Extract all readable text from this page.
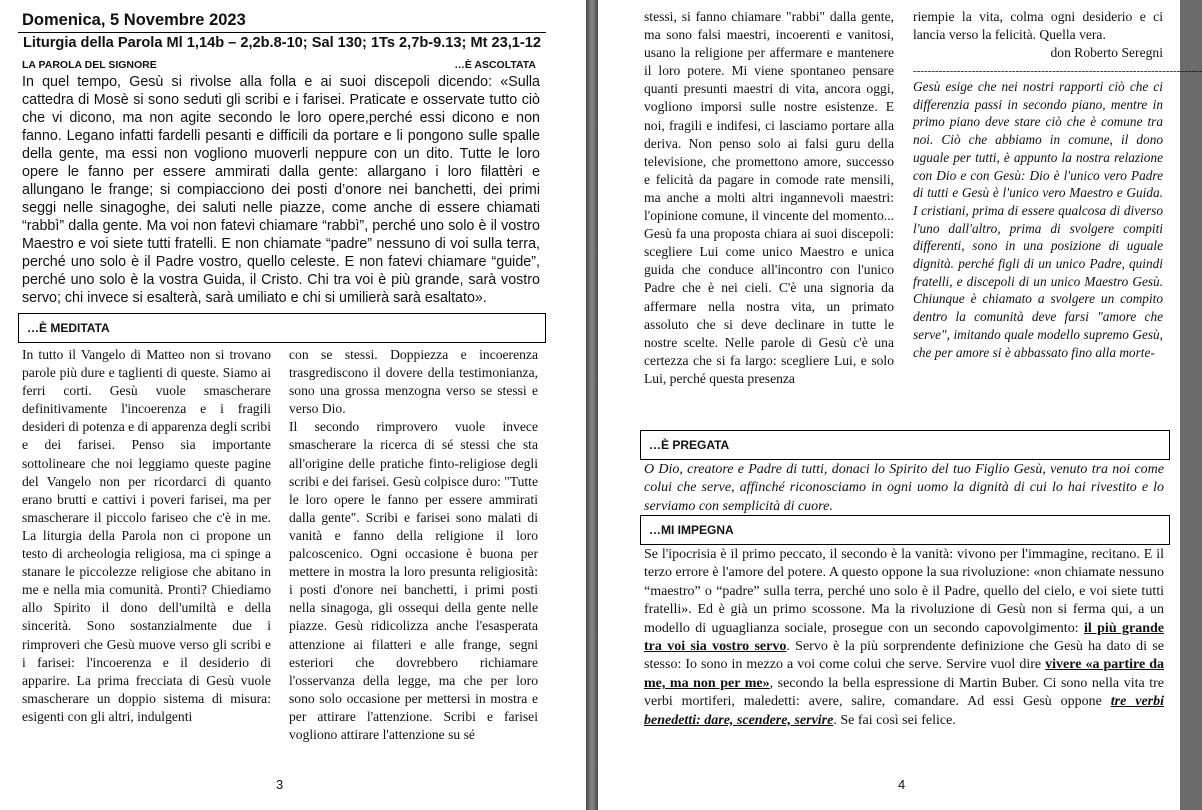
Domenica, 5 Novembre 2023
Liturgia della Parola Ml 1,14b – 2,2b.8-10; Sal 130; 1Ts 2,7b-9.13; Mt 23,1-12
LA PAROLA DEL SIGNORE	…È ASCOLTATA
In quel tempo, Gesù si rivolse alla folla e ai suoi discepoli dicendo: «Sulla cattedra di Mosè si sono seduti gli scribi e i farisei. Praticate e osservate tutto ciò che vi dicono, ma non agite secondo le loro opere,perché essi dicono e non fanno. Legano infatti fardelli pesanti e difficili da portare e li pongono sulle spalle della gente, ma essi non vogliono muoverli neppure con un dito. Tutte le loro opere le fanno per essere ammirati dalla gente: allargano i loro filattèri e allungano le frange; si compiacciono dei posti d’onore nei banchetti, dei primi seggi nelle sinagoghe, dei saluti nelle piazze, come anche di essere chiamati “rabbì” dalla gente. Ma voi non fatevi chiamare “rabbì”, perché uno solo è il vostro Maestro e voi siete tutti fratelli. E non chiamate “padre” nessuno di voi sulla terra, perché uno solo è il Padre vostro, quello celeste. E non fatevi chiamare “guide”, perché uno solo è la vostra Guida, il Cristo. Chi tra voi è più grande, sarà vostro servo; chi invece si esalterà, sarà umiliato e chi si umilierà sarà esaltato».
…È MEDITATA

In tutto il Vangelo di Matteo non si trovano parole più dure e taglienti di queste. Siamo ai ferri corti. Gesù vuole smascherare definitivamente l'incoerenza e i fragili desideri di potenza e di apparenza degli scribi e dei farisei. Penso sia importante sottolineare che noi leggiamo queste pagine del Vangelo non per ricordarci di quanto erano brutti e cattivi i poveri farisei, ma per smascherare il piccolo fariseo che c'è in me. La liturgia della Parola non ci propone un testo di archeologia religiosa, ma ci spinge a stanare le piccolezze religiose che abitano in me e nella mia comunità. Pronti? Chiediamo allo Spirito il dono dell'umiltà e della sincerità. Sono sostanzialmente due i rimproveri che Gesù muove verso gli scribi e i farisei: l'incoerenza e il desiderio di apparire. La prima frecciata di Gesù vuole smascherare un doppio sistema di misura: esigenti con gli altri, indulgenti

con se stessi. Doppiezza e incoerenza trasgrediscono il dovere della testimonianza, sono una grossa menzogna verso se stessi e verso Dio.

Il secondo rimprovero vuole invece smascherare la ricerca di sé stessi che sta all'origine delle pratiche finto-religiose degli scribi e dei farisei. Gesù colpisce duro: "Tutte le loro opere le fanno per essere ammirati dalla gente". Scribi e farisei sono malati di vanità e fanno della religione il loro palcoscenico. Ogni occasione è buona per mettere in mostra la loro presunta religiosità: i posti d'onore nei banchetti, i primi posti nella sinagoga, gli ossequi della gente nelle piazze. Gesù ridicolizza anche l'esasperata attenzione ai filatteri e alle frange, segni esteriori che dovrebbero richiamare l'osservanza della legge, ma che per loro sono solo occasione per mettersi in mostra e per attirare l'attenzione. Scribi e farisei vogliono attirare l'attenzione su sé

3

stessi, si fanno chiamare "rabbi" dalla gente, ma sono falsi maestri, incoerenti e vanitosi, usano la religione per affermare e mantenere il loro potere. Mi viene spontaneo pensare quanti presunti maestri di vita, ancora oggi, vogliono imporsi sulle nostre esistenze. E noi, fragili e indifesi, ci lasciamo portare alla deriva. Non penso solo ai falsi guru della televisione, che promettono amore, successo e felicità da pagare in comode rate mensili, ma anche a molti altri ingannevoli maestri: l'opinione comune, il vincente del momento... Gesù fa una proposta chiara ai suoi discepoli: scegliere Lui come unico Maestro e unica guida che conduce all'incontro con l'unico Padre che è nei cieli. C'è una signoria da affermare nella nostra vita, un primato assoluto che si deve declinare in tutte le nostre scelte. Nelle parole di Gesù c'è una certezza che si fa largo: scegliere Lui, e solo Lui, perché questa presenza

riempie la vita, colma ogni desiderio e ci lancia verso la felicità. Quella vera.

don Roberto Seregni

-------------------------------------------------------------------------------

Gesù esige che nei nostri rapporti ciò che ci differenzia passi in secondo piano, mentre in primo piano deve stare ciò che è comune tra noi. Ciò che abbiamo in comune, il dono uguale per tutti, è appunto la nostra relazione con Dio e con Gesù: Dio è l'unico vero Padre di tutti e Gesù è l'unico vero Maestro e Guida. I cristiani, prima di essere qualcosa di diverso l'uno dall'altro, prima di svolgere compiti differenti, sono in una posizione di uguale dignità. perché figli di un unico Padre, quindi fratelli, e discepoli di un unico Maestro Gesù. Chiunque è chiamato a svolgere un compito dentro la comunità deve farsi "amore che serve", imitando quale modello supremo Gesù, che per amore si è abbassato fino alla morte-
…È PREGATA
O Dio, creatore e Padre di tutti, donaci lo Spirito del tuo Figlio Gesù, venuto tra noi come colui che serve, affinché riconosciamo in ogni uomo la dignità di cui lo hai rivestito e lo serviamo con semplicità di cuore.
…MI IMPEGNA
Se l'ipocrisia è il primo peccato, il secondo è la vanità: vivono per l'immagine, recitano. E il terzo errore è l'amore del potere. A questo oppone la sua rivoluzione: «non chiamate nessuno “maestro” o “padre” sulla terra, perché uno solo è il Padre, quello del cielo, e voi siete tutti fratelli». Ed è già un primo scossone. Ma la rivoluzione di Gesù non si ferma qui, a un modello di uguaglianza sociale, prosegue con un secondo capovolgimento: il più grande tra voi sia vostro servo. Servo è la più sorprendente definizione che Gesù ha dato di se stesso: Io sono in mezzo a voi come colui che serve. Servire vuol dire vivere «a partire da me, ma non per me», secondo la bella espressione di Martin Buber. Ci sono nella vita tre verbi mortiferi, maledetti: avere, salire, comandare. Ad essi Gesù oppone tre verbi benedetti: dare, scendere, servire. Se fai così sei felice.
4
